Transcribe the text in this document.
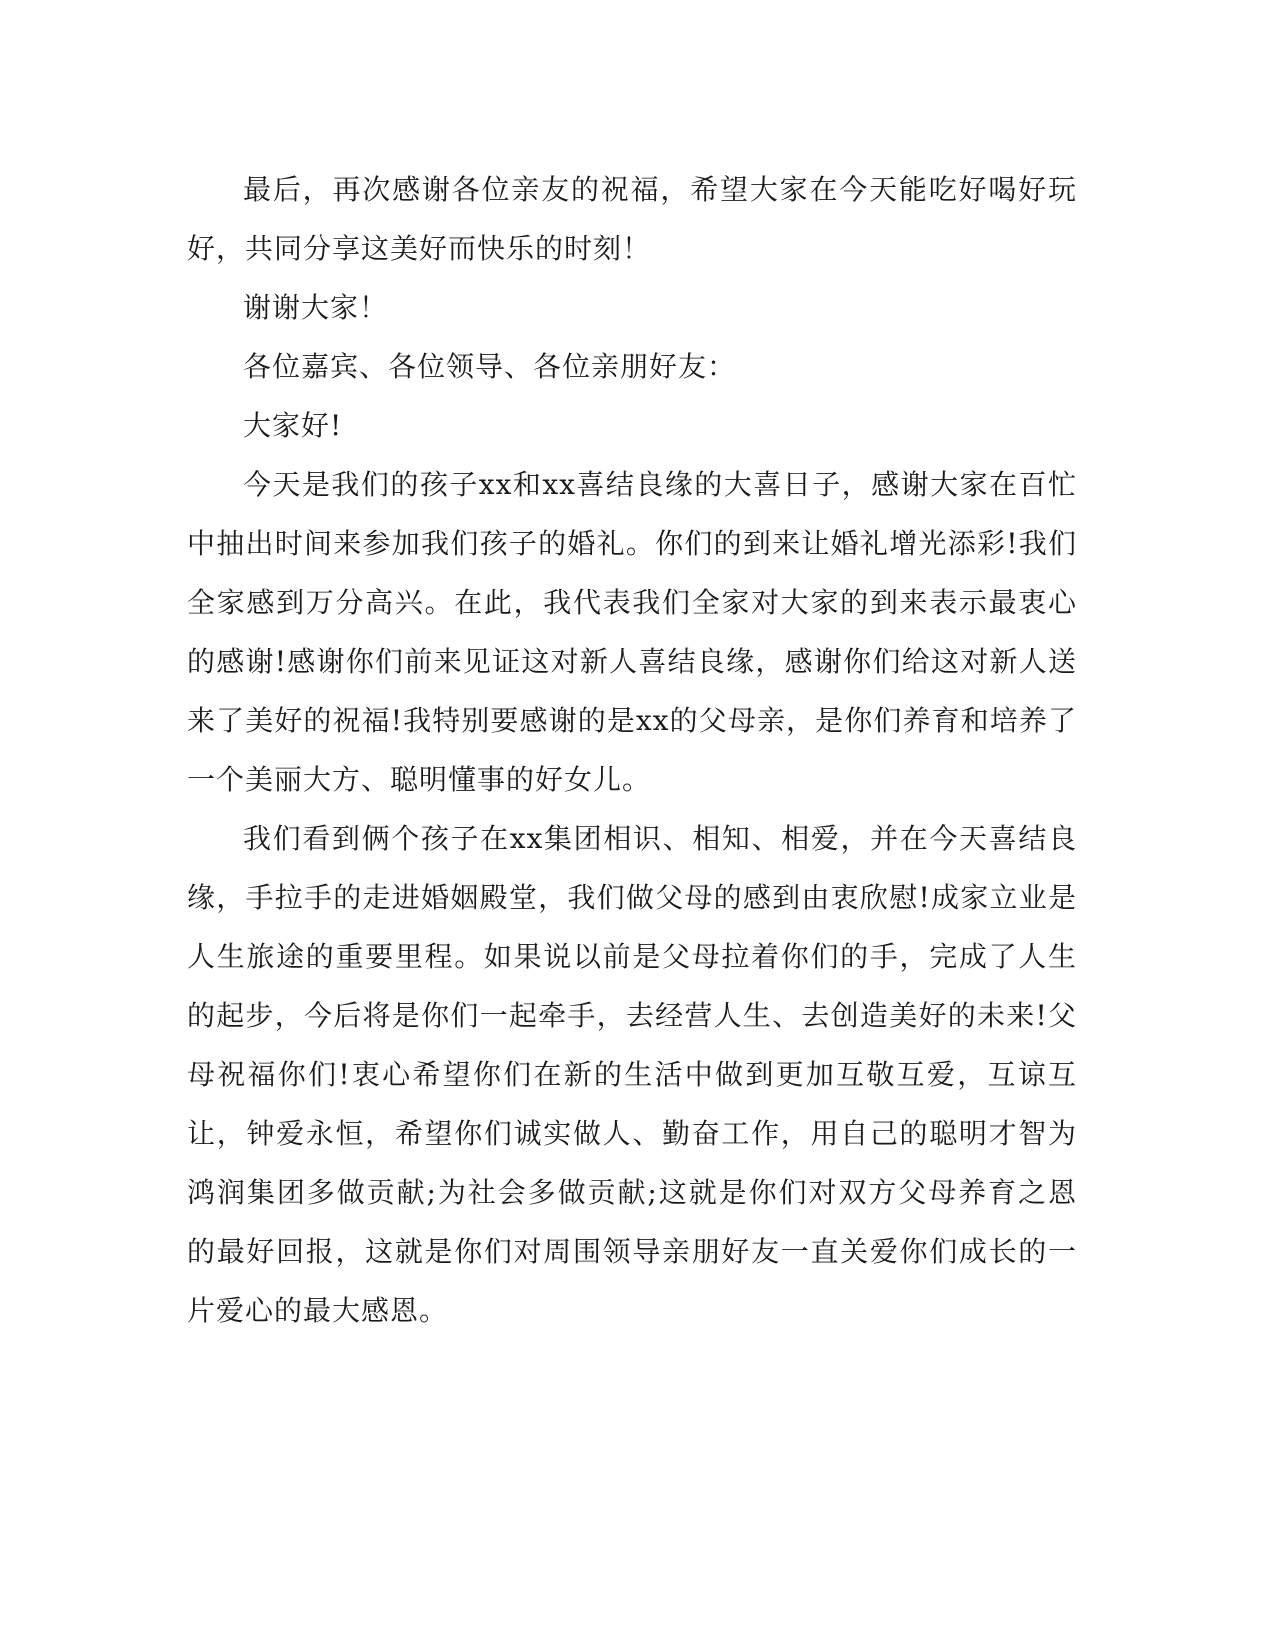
最后，再次感谢各位亲友的祝福，希望大家在今天能吃好喝好玩好，共同分享这美好而快乐的时刻！

谢谢大家！

各位嘉宾、各位领导、各位亲朋好友：

大家好!

今天是我们的孩子xx和xx喜结良缘的大喜日子，感谢大家在百忙中抽出时间来参加我们孩子的婚礼。你们的到来让婚礼增光添彩!我们全家感到万分高兴。在此，我代表我们全家对大家的到来表示最衷心的感谢!感谢你们前来见证这对新人喜结良缘，感谢你们给这对新人送来了美好的祝福!我特别要感谢的是xx的父母亲，是你们养育和培养了一个美丽大方、聪明懂事的好女儿。

我们看到俩个孩子在xx集团相识、相知、相爱，并在今天喜结良缘，手拉手的走进婚姻殿堂，我们做父母的感到由衷欣慰!成家立业是人生旅途的重要里程。如果说以前是父母拉着你们的手，完成了人生的起步，今后将是你们一起牵手，去经营人生、去创造美好的未来!父母祝福你们!衷心希望你们在新的生活中做到更加互敬互爱，互谅互让，钟爱永恒，希望你们诚实做人、勤奋工作，用自己的聪明才智为鸿润集团多做贡献;为社会多做贡献;这就是你们对双方父母养育之恩的最好回报，这就是你们对周围领导亲朋好友一直关爱你们成长的一片爱心的最大感恩。
